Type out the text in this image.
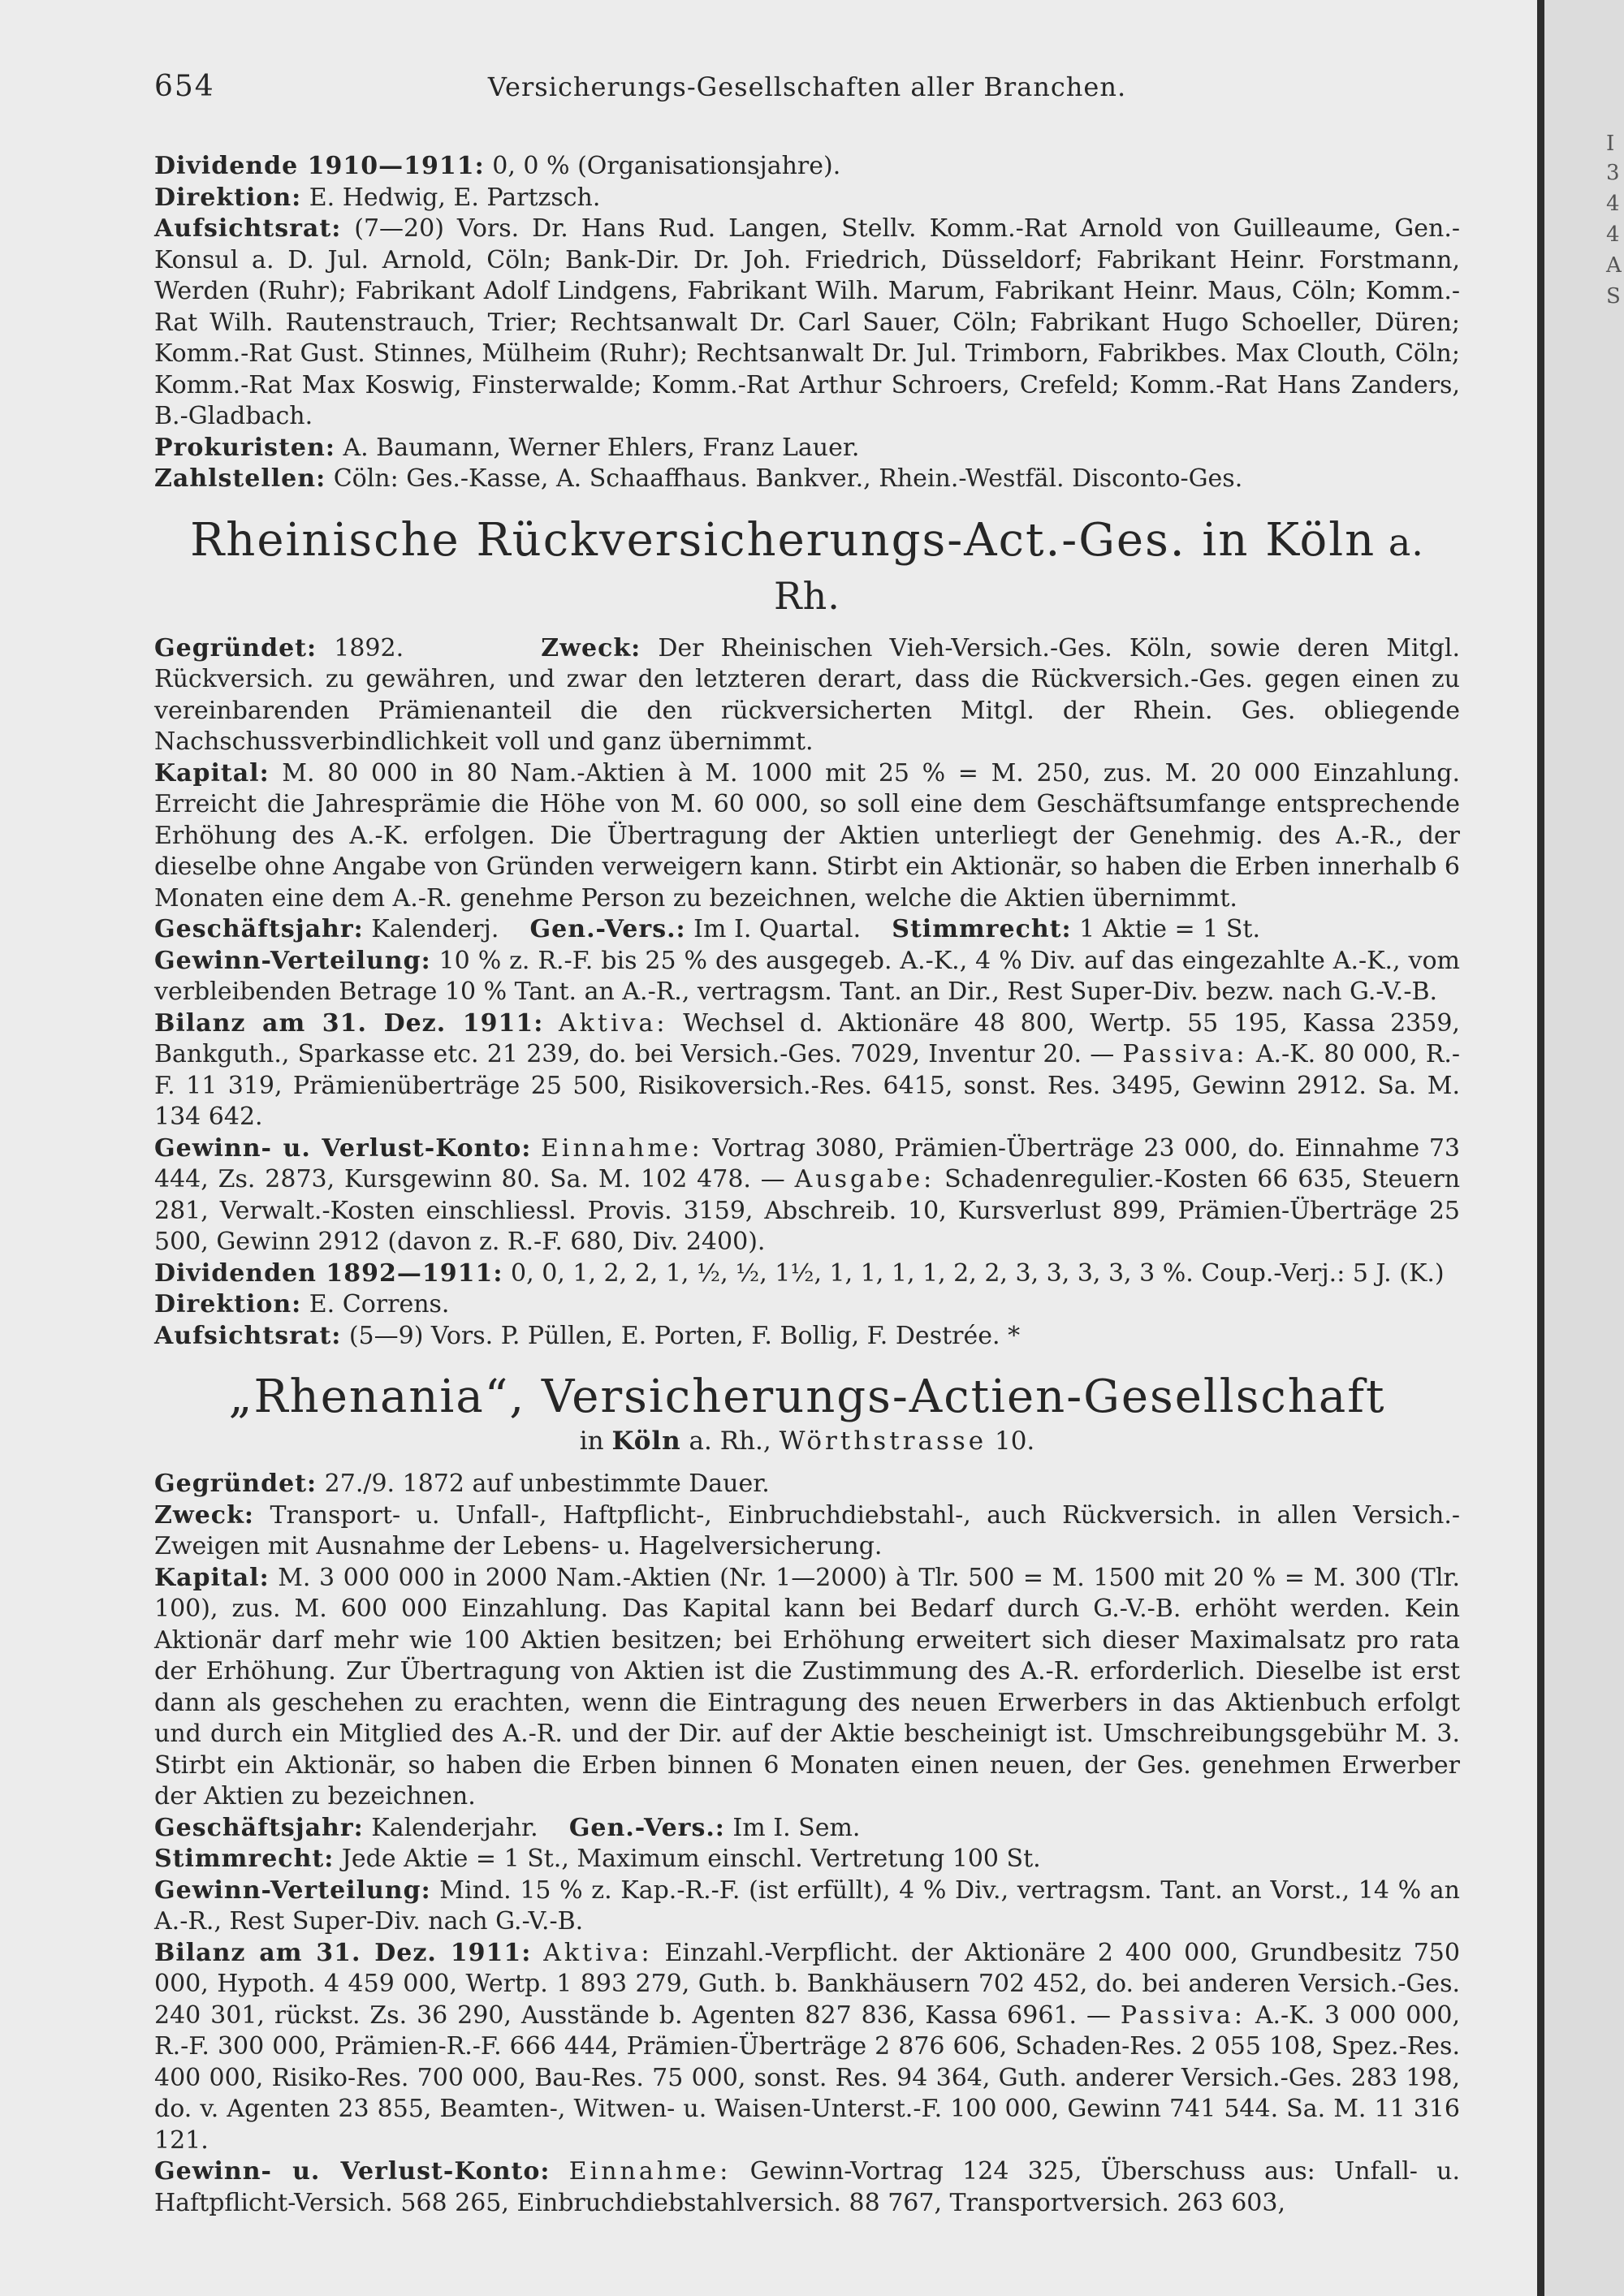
654	Versicherungs-Gesellschaften aller Branchen.

Dividende 1910—1911: 0, 0 % (Organisationsjahre).

Direktion: E. Hedwig, E. Partzsch.

Aufsichtsrat: (7—20) Vors. Dr. Hans Rud. Langen, Stellv. Komm.-Rat Arnold von Guilleaume, Gen.-Konsul a. D. Jul. Arnold, Cöln; Bank-Dir. Dr. Joh. Friedrich, Düsseldorf; Fabrikant Heinr. Forstmann, Werden (Ruhr); Fabrikant Adolf Lindgens, Fabrikant Wilh. Marum, Fabrikant Heinr. Maus, Cöln; Komm.-Rat Wilh. Rautenstrauch, Trier; Rechtsanwalt Dr. Carl Sauer, Cöln; Fabrikant Hugo Schoeller, Düren; Komm.-Rat Gust. Stinnes, Mülheim (Ruhr); Rechtsanwalt Dr. Jul. Trimborn, Fabrikbes. Max Clouth, Cöln; Komm.-Rat Max Koswig, Finsterwalde; Komm.-Rat Arthur Schroers, Crefeld; Komm.-Rat Hans Zanders, B.-Gladbach.

Prokuristen: A. Baumann, Werner Ehlers, Franz Lauer.

Zahlstellen: Cöln: Ges.-Kasse, A. Schaaffhaus. Bankver., Rhein.-Westfäl. Disconto-Ges.

Rheinische Rückversicherungs-Act.-Ges. in Köln a. Rh.

Gegründet: 1892.	Zweck: Der Rheinischen Vieh-Versich.-Ges. Köln, sowie deren Mitgl. Rückversich. zu gewähren, und zwar den letzteren derart, dass die Rückversich.-Ges. gegen einen zu vereinbarenden Prämienanteil die den rückversicherten Mitgl. der Rhein. Ges. obliegende Nachschussverbindlichkeit voll und ganz übernimmt.

Kapital: M. 80 000 in 80 Nam.-Aktien à M. 1000 mit 25 % = M. 250, zus. M. 20 000 Einzahlung. Erreicht die Jahresprämie die Höhe von M. 60 000, so soll eine dem Geschäftsumfange entsprechende Erhöhung des A.-K. erfolgen. Die Übertragung der Aktien unterliegt der Genehmig. des A.-R., der dieselbe ohne Angabe von Gründen verweigern kann. Stirbt ein Aktionär, so haben die Erben innerhalb 6 Monaten eine dem A.-R. genehme Person zu bezeichnen, welche die Aktien übernimmt.

Geschäftsjahr: Kalenderj. Gen.-Vers.: Im I. Quartal. Stimmrecht: 1 Aktie = 1 St.

Gewinn-Verteilung: 10 % z. R.-F. bis 25 % des ausgegeb. A.-K., 4 % Div. auf das eingezahlte A.-K., vom verbleibenden Betrage 10 % Tant. an A.-R., vertragsm. Tant. an Dir., Rest Super-Div. bezw. nach G.-V.-B.

Bilanz am 31. Dez. 1911: Aktiva: Wechsel d. Aktionäre 48 800, Wertp. 55 195, Kassa 2359, Bankguth., Sparkasse etc. 21 239, do. bei Versich.-Ges. 7029, Inventur 20. — Passiva: A.-K. 80 000, R.-F. 11 319, Prämienüberträge 25 500, Risikoversich.-Res. 6415, sonst. Res. 3495, Gewinn 2912. Sa. M. 134 642.

Gewinn- u. Verlust-Konto: Einnahme: Vortrag 3080, Prämien-Überträge 23 000, do. Einnahme 73 444, Zs. 2873, Kursgewinn 80. Sa. M. 102 478. — Ausgabe: Schadenregulier.-Kosten 66 635, Steuern 281, Verwalt.-Kosten einschliessl. Provis. 3159, Abschreib. 10, Kursverlust 899, Prämien-Überträge 25 500, Gewinn 2912 (davon z. R.-F. 680, Div. 2400).

Dividenden 1892—1911: 0, 0, 1, 2, 2, 1, ½, ½, 1½, 1, 1, 1, 1, 2, 2, 3, 3, 3, 3, 3 %. Coup.-Verj.: 5 J. (K.)

Direktion: E. Correns.

Aufsichtsrat: (5—9) Vors. P. Püllen, E. Porten, F. Bollig, F. Destrée. *

„Rhenania“, Versicherungs-Actien-Gesellschaft
in Köln a. Rh., Wörthstrasse 10.

Gegründet: 27./9. 1872 auf unbestimmte Dauer.

Zweck: Transport- u. Unfall-, Haftpflicht-, Einbruchdiebstahl-, auch Rückversich. in allen Versich.-Zweigen mit Ausnahme der Lebens- u. Hagelversicherung.

Kapital: M. 3 000 000 in 2000 Nam.-Aktien (Nr. 1—2000) à Tlr. 500 = M. 1500 mit 20 % = M. 300 (Tlr. 100), zus. M. 600 000 Einzahlung. Das Kapital kann bei Bedarf durch G.-V.-B. erhöht werden. Kein Aktionär darf mehr wie 100 Aktien besitzen; bei Erhöhung erweitert sich dieser Maximalsatz pro rata der Erhöhung. Zur Übertragung von Aktien ist die Zustimmung des A.-R. erforderlich. Dieselbe ist erst dann als geschehen zu erachten, wenn die Eintragung des neuen Erwerbers in das Aktienbuch erfolgt und durch ein Mitglied des A.-R. und der Dir. auf der Aktie bescheinigt ist. Umschreibungsgebühr M. 3. Stirbt ein Aktionär, so haben die Erben binnen 6 Monaten einen neuen, der Ges. genehmen Erwerber der Aktien zu bezeichnen.

Geschäftsjahr: Kalenderjahr. Gen.-Vers.: Im I. Sem.

Stimmrecht: Jede Aktie = 1 St., Maximum einschl. Vertretung 100 St.

Gewinn-Verteilung: Mind. 15 % z. Kap.-R.-F. (ist erfüllt), 4 % Div., vertragsm. Tant. an Vorst., 14 % an A.-R., Rest Super-Div. nach G.-V.-B.

Bilanz am 31. Dez. 1911: Aktiva: Einzahl.-Verpflicht. der Aktionäre 2 400 000, Grundbesitz 750 000, Hypoth. 4 459 000, Wertp. 1 893 279, Guth. b. Bankhäusern 702 452, do. bei anderen Versich.-Ges. 240 301, rückst. Zs. 36 290, Ausstände b. Agenten 827 836, Kassa 6961. — Passiva: A.-K. 3 000 000, R.-F. 300 000, Prämien-R.-F. 666 444, Prämien-Überträge 2 876 606, Schaden-Res. 2 055 108, Spez.-Res. 400 000, Risiko-Res. 700 000, Bau-Res. 75 000, sonst. Res. 94 364, Guth. anderer Versich.-Ges. 283 198, do. v. Agenten 23 855, Beamten-, Witwen- u. Waisen-Unterst.-F. 100 000, Gewinn 741 544. Sa. M. 11 316 121.

Gewinn- u. Verlust-Konto: Einnahme: Gewinn-Vortrag 124 325, Überschuss aus: Unfall- u. Haftpflicht-Versich. 568 265, Einbruchdiebstahlversich. 88 767, Transportversich. 263 603,

I
3
4
4
A
S
